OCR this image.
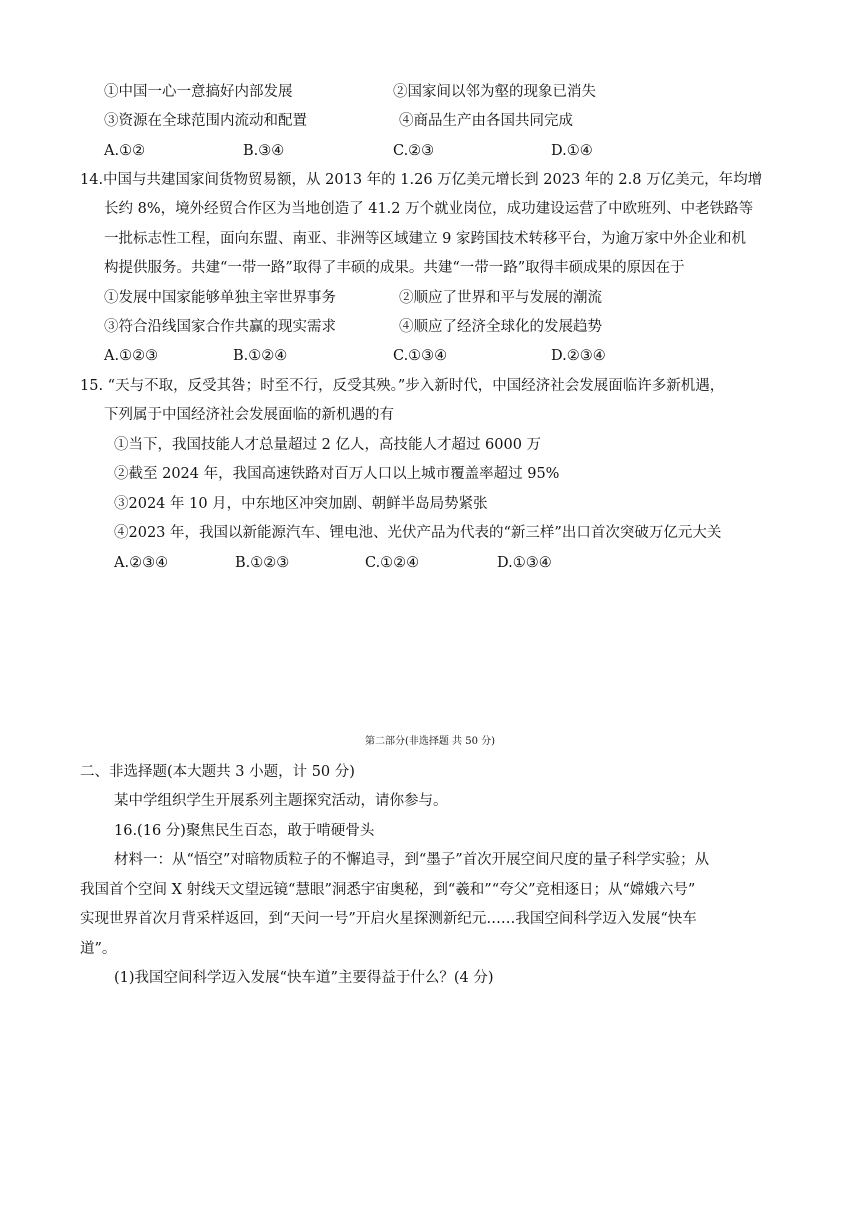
①中国一心一意搞好内部发展	②国家间以邻为壑的现象已消失
③资源在全球范围内流动和配置	④商品生产由各国共同完成
A.①②	B.③④	C.②③	D.①④
14.中国与共建国家间货物贸易额，从 2013 年的 1.26 万亿美元增长到 2023 年的 2.8 万亿美元，年均增
长约 8%，境外经贸合作区为当地创造了 41.2 万个就业岗位，成功建设运营了中欧班列、中老铁路等
一批标志性工程，面向东盟、南亚、非洲等区域建立 9 家跨国技术转移平台，为逾万家中外企业和机
构提供服务。共建“一带一路”取得了丰硕的成果。共建“一带一路”取得丰硕成果的原因在于
①发展中国家能够单独主宰世界事务	②顺应了世界和平与发展的潮流
③符合沿线国家合作共赢的现实需求	④顺应了经济全球化的发展趋势
A.①②③	B.①②④	C.①③④	D.②③④
15. “天与不取，反受其咎；时至不行，反受其殃。”步入新时代，中国经济社会发展面临许多新机遇，
下列属于中国经济社会发展面临的新机遇的有
①当下，我国技能人才总量超过 2 亿人，高技能人才超过 6000 万
②截至 2024 年，我国高速铁路对百万人口以上城市覆盖率超过 95%
③2024 年 10 月，中东地区冲突加剧、朝鲜半岛局势紧张
④2023 年，我国以新能源汽车、锂电池、光伏产品为代表的“新三样”出口首次突破万亿元大关
A.②③④	B.①②③	C.①②④	D.①③④
第二部分(非选择题 共 50 分)
二、非选择题(本大题共 3 小题，计 50 分)
某中学组织学生开展系列主题探究活动，请你参与。
16.(16 分)聚焦民生百态，敢于啃硬骨头
材料一：从“悟空”对暗物质粒子的不懈追寻，到“墨子”首次开展空间尺度的量子科学实验；从
我国首个空间 X 射线天文望远镜“慧眼”洞悉宇宙奥秘，到“羲和”“夸父”竞相逐日；从“嫦娥六号”
实现世界首次月背采样返回，到“天问一号”开启火星探测新纪元……我国空间科学迈入发展“快车
道”。
(1)我国空间科学迈入发展“快车道”主要得益于什么？(4 分)
